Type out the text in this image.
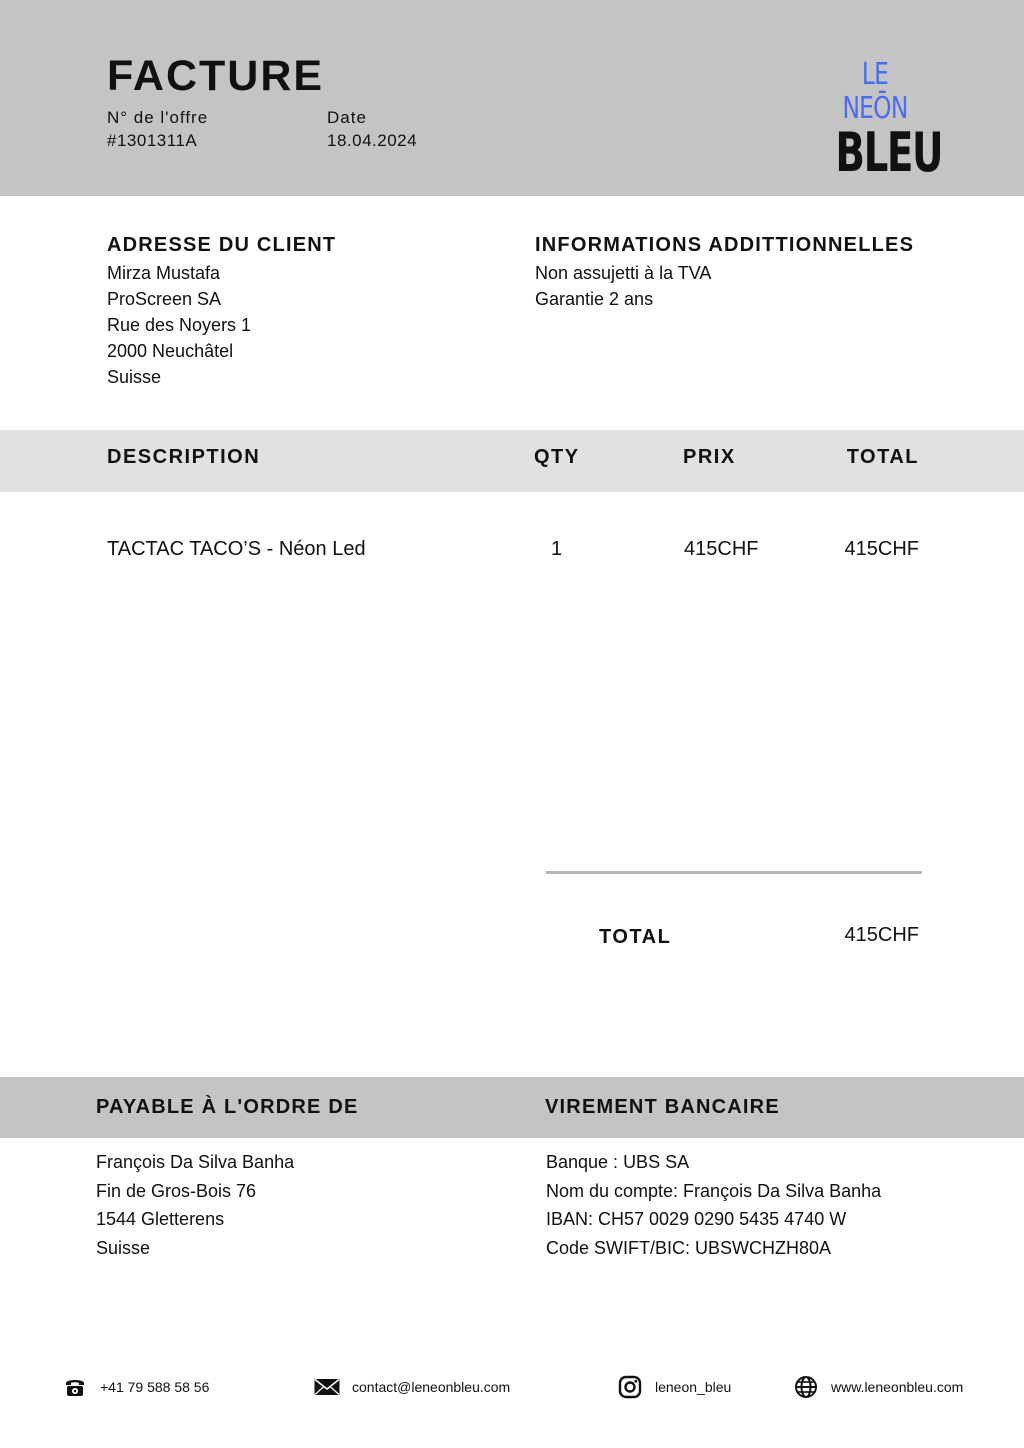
FACTURE
N° de l'offre
#1301311A
Date
18.04.2024
LE NEŌN
BLEU
ADRESSE DU CLIENT
Mirza Mustafa
ProScreen SA
Rue des Noyers 1
2000 Neuchâtel
Suisse
INFORMATIONS ADDITTIONNELLES
Non assujetti à la TVA
Garantie 2 ans
DESCRIPTION	QTY	PRIX	TOTAL
TACTAC TACO’S - Néon Led	1	415CHF	415CHF
TOTAL	415CHF
PAYABLE À L'ORDRE DE
François Da Silva Banha
Fin de Gros-Bois 76
1544 Gletterens
Suisse
VIREMENT BANCAIRE
Banque : UBS SA
Nom du compte: François Da Silva Banha
IBAN: CH57 0029 0290 5435 4740 W
Code SWIFT/BIC: UBSWCHZH80A
+41 79 588 58 56	contact@leneonbleu.com	leneon_bleu	www.leneonbleu.com
